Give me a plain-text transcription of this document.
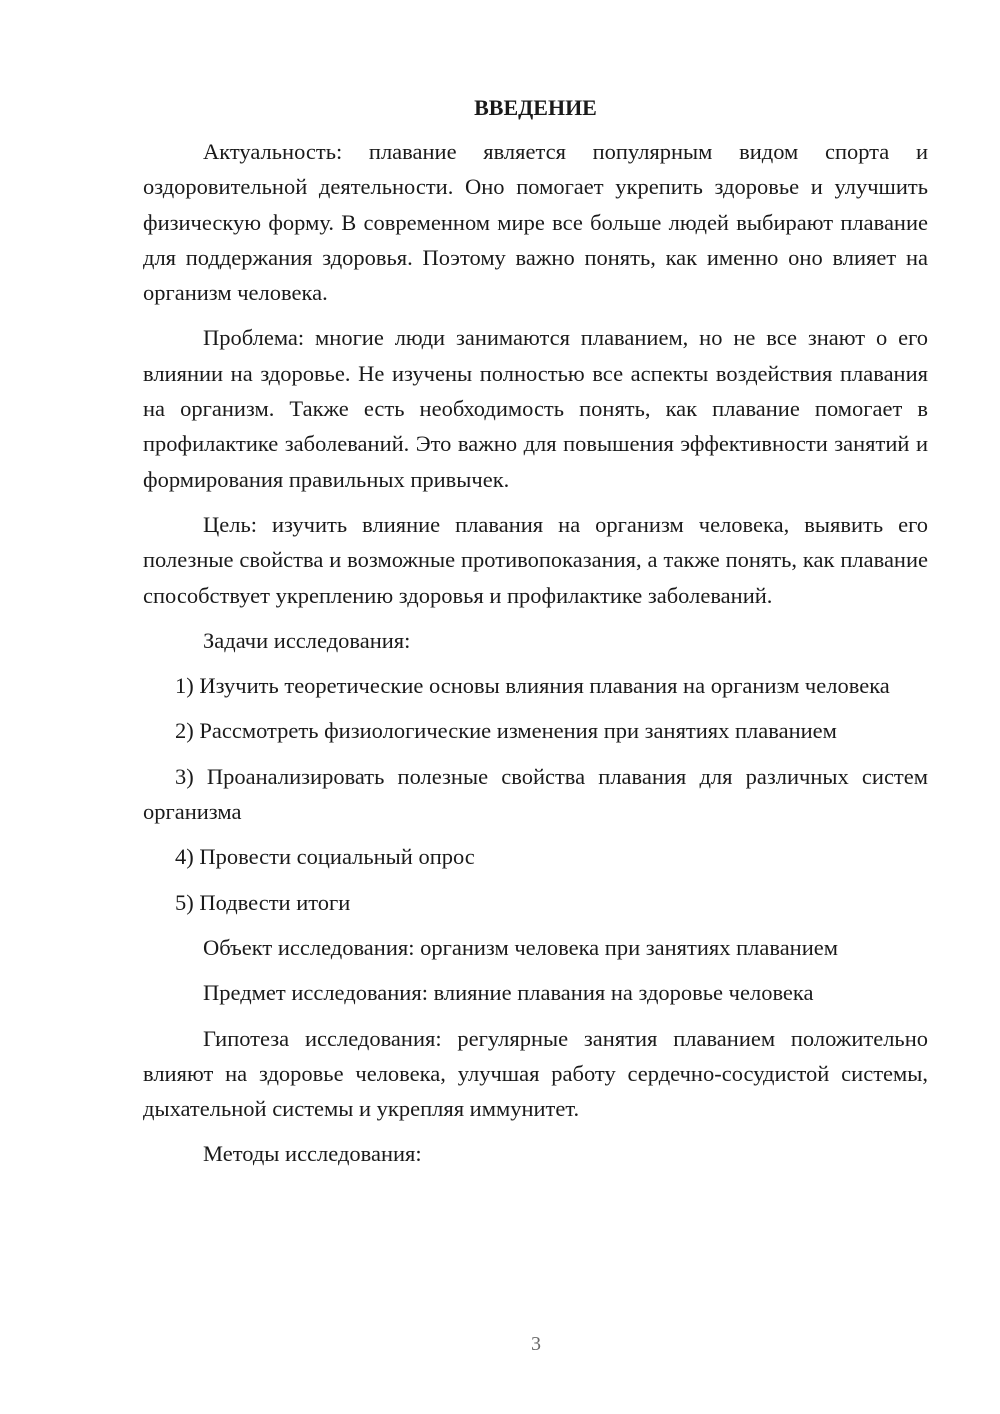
ВВЕДЕНИЕ

Актуальность: плавание является популярным видом спорта и оздоровительной деятельности. Оно помогает укрепить здоровье и улучшить физическую форму. В современном мире все больше людей выбирают плавание для поддержания здоровья. Поэтому важно понять, как именно оно влияет на организм человека.

Проблема: многие люди занимаются плаванием, но не все знают о его влиянии на здоровье. Не изучены полностью все аспекты воздействия плавания на организм. Также есть необходимость понять, как плавание помогает в профилактике заболеваний. Это важно для повышения эффективности занятий и формирования правильных привычек.

Цель: изучить влияние плавания на организм человека, выявить его полезные свойства и возможные противопоказания, а также понять, как плавание способствует укреплению здоровья и профилактике заболеваний.

Задачи исследования:

1) Изучить теоретические основы влияния плавания на организм человека

2) Рассмотреть физиологические изменения при занятиях плаванием

3) Проанализировать полезные свойства плавания для различных систем организма

4) Провести социальный опрос

5) Подвести итоги

Объект исследования: организм человека при занятиях плаванием

Предмет исследования: влияние плавания на здоровье человека

Гипотеза исследования: регулярные занятия плаванием положительно влияют на здоровье человека, улучшая работу сердечно-сосудистой системы, дыхательной системы и укрепляя иммунитет.

Методы исследования:

3
